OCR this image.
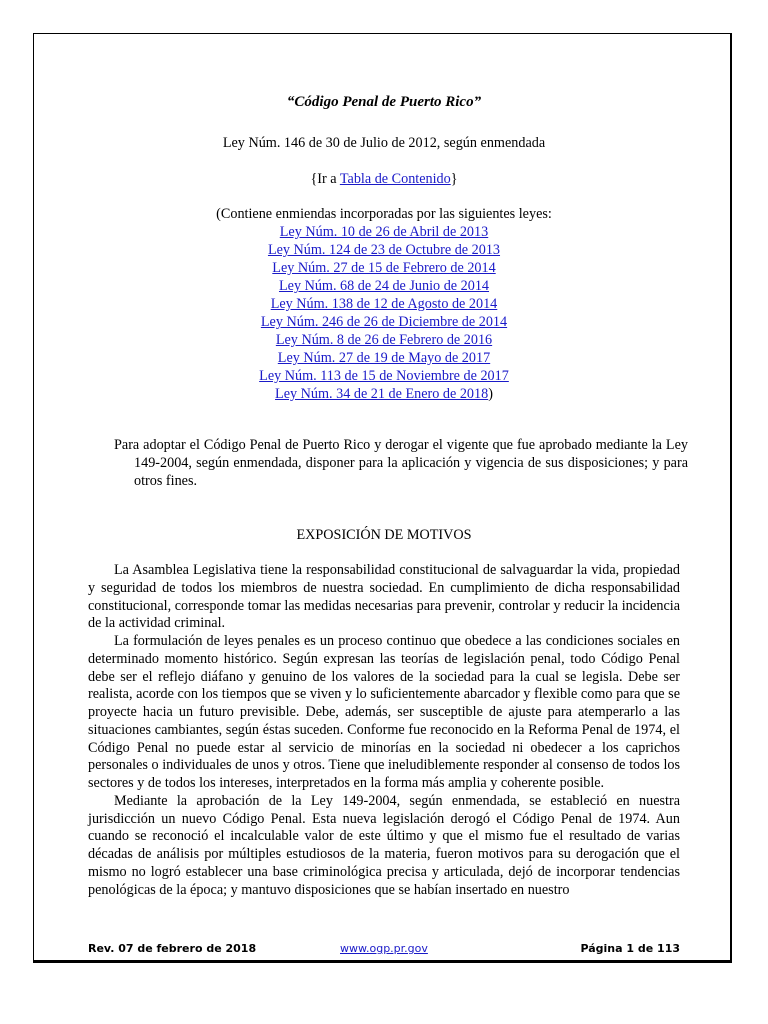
“Código Penal de Puerto Rico”
Ley Núm. 146 de 30 de Julio de 2012, según enmendada
{Ir a Tabla de Contenido}
(Contiene enmiendas incorporadas por las siguientes leyes:
Ley Núm. 10 de 26 de Abril de 2013
Ley Núm. 124 de 23 de Octubre de 2013
Ley Núm. 27 de 15 de Febrero de 2014
Ley Núm. 68 de 24 de Junio de 2014
Ley Núm. 138 de 12 de Agosto de 2014
Ley Núm. 246 de 26 de Diciembre de 2014
Ley Núm. 8 de 26 de Febrero de 2016
Ley Núm. 27 de 19 de Mayo de 2017
Ley Núm. 113 de 15 de Noviembre de 2017
Ley Núm. 34 de 21 de Enero de 2018)
Para adoptar el Código Penal de Puerto Rico y derogar el vigente que fue aprobado mediante la Ley 149-2004, según enmendada, disponer para la aplicación y vigencia de sus disposiciones; y para otros fines.
EXPOSICIÓN DE MOTIVOS

La Asamblea Legislativa tiene la responsabilidad constitucional de salvaguardar la vida, propiedad y seguridad de todos los miembros de nuestra sociedad. En cumplimiento de dicha responsabilidad constitucional, corresponde tomar las medidas necesarias para prevenir, controlar y reducir la incidencia de la actividad criminal.

La formulación de leyes penales es un proceso continuo que obedece a las condiciones sociales en determinado momento histórico. Según expresan las teorías de legislación penal, todo Código Penal debe ser el reflejo diáfano y genuino de los valores de la sociedad para la cual se legisla. Debe ser realista, acorde con los tiempos que se viven y lo suficientemente abarcador y flexible como para que se proyecte hacia un futuro previsible. Debe, además, ser susceptible de ajuste para atemperarlo a las situaciones cambiantes, según éstas suceden. Conforme fue reconocido en la Reforma Penal de 1974, el Código Penal no puede estar al servicio de minorías en la sociedad ni obedecer a los caprichos personales o individuales de unos y otros. Tiene que ineludiblemente responder al consenso de todos los sectores y de todos los intereses, interpretados en la forma más amplia y coherente posible.

Mediante la aprobación de la Ley 149-2004, según enmendada, se estableció en nuestra jurisdicción un nuevo Código Penal. Esta nueva legislación derogó el Código Penal de 1974. Aun cuando se reconoció el incalculable valor de este último y que el mismo fue el resultado de varias décadas de análisis por múltiples estudiosos de la materia, fueron motivos para su derogación que el mismo no logró establecer una base criminológica precisa y articulada, dejó de incorporar tendencias penológicas de la época; y mantuvo disposiciones que se habían insertado en nuestro

Rev. 07 de febrero de 2018	www.ogp.pr.gov	Página 1 de 113
